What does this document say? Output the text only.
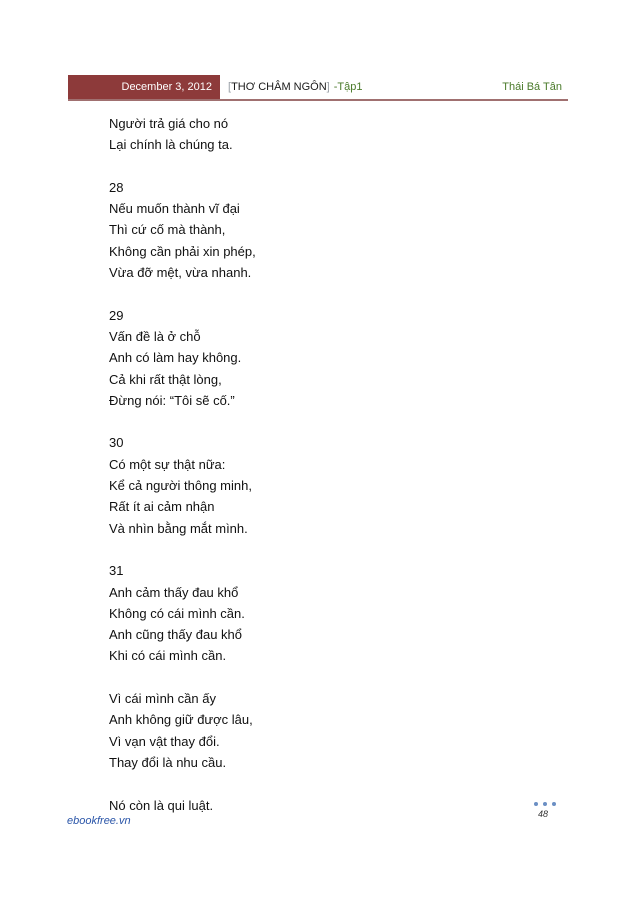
December 3, 2012	[ THƠ CHÂM NGÔN ] -Tập1	Thái Bá Tân
Người trả giá cho nó
Lại chính là chúng ta.
28
Nếu muốn thành vĩ đại
Thì cứ cố mà thành,
Không cần phải xin phép,
Vừa đỡ mệt, vừa nhanh.
29
Vấn đề là ở chỗ
Anh có làm hay không.
Cả khi rất thật lòng,
Đừng nói: “Tôi sẽ cố.”
30
Có một sự thật nữa:
Kể cả người thông minh,
Rất ít ai cảm nhận
Và nhìn bằng mắt mình.
31
Anh cảm thấy đau khổ
Không có cái mình cần.
Anh cũng thấy đau khổ
Khi có cái mình cần.
Vì cái mình cần ấy
Anh không giữ được lâu,
Vì vạn vật thay đổi.
Thay đổi là nhu cầu.
Nó còn là qui luật.
48
ebookfree.vn
